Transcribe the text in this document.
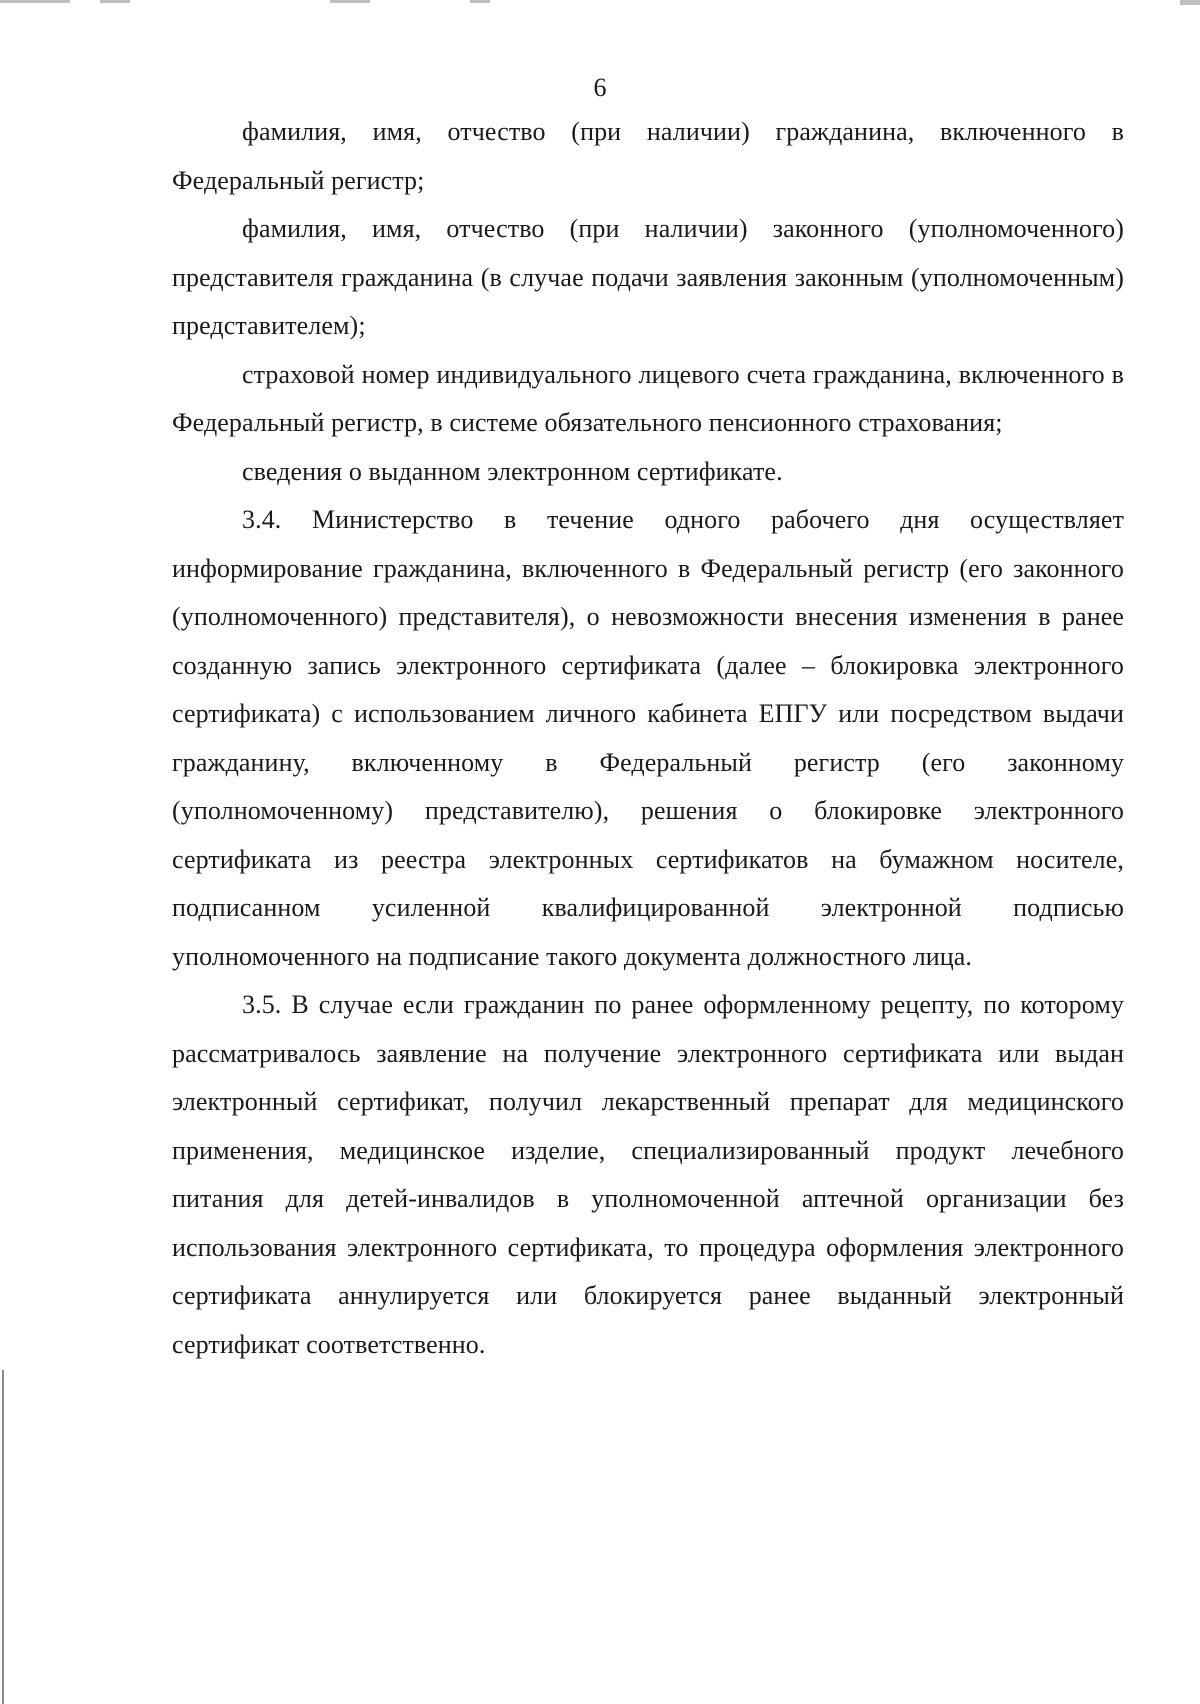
6

фамилия, имя, отчество (при наличии) гражданина, включенного в Федеральный регистр;

фамилия, имя, отчество (при наличии) законного (уполномоченного) представителя гражданина (в случае подачи заявления законным (уполномоченным) представителем);

страховой номер индивидуального лицевого счета гражданина, включенного в Федеральный регистр, в системе обязательного пенсионного страхования;

сведения о выданном электронном сертификате.

3.4. Министерство в течение одного рабочего дня осуществляет информирование гражданина, включенного в Федеральный регистр (его законного (уполномоченного) представителя), о невозможности внесения изменения в ранее созданную запись электронного сертификата (далее – блокировка электронного сертификата) с использованием личного кабинета ЕПГУ или посредством выдачи гражданину, включенному в Федеральный регистр (его законному (уполномоченному) представителю), решения о блокировке электронного сертификата из реестра электронных сертификатов на бумажном носителе, подписанном усиленной квалифицированной электронной подписью уполномоченного на подписание такого документа должностного лица.

3.5. В случае если гражданин по ранее оформленному рецепту, по которому рассматривалось заявление на получение электронного сертификата или выдан электронный сертификат, получил лекарственный препарат для медицинского применения, медицинское изделие, специализированный продукт лечебного питания для детей-инвалидов в уполномоченной аптечной организации без использования электронного сертификата, то процедура оформления электронного сертификата аннулируется или блокируется ранее выданный электронный сертификат соответственно.
